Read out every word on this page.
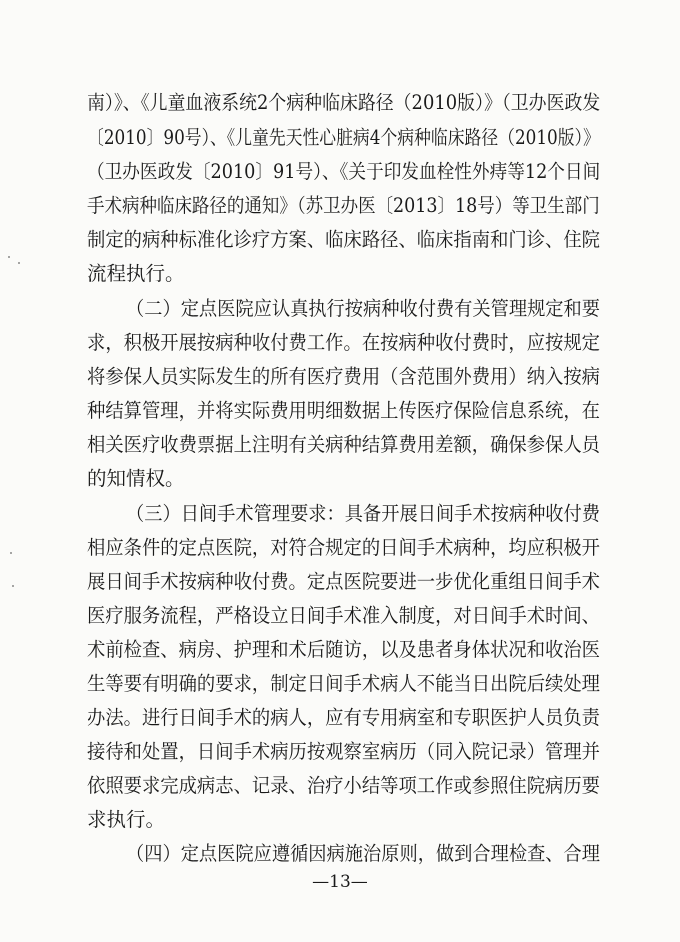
南）》、《儿童血液系统2个病种临床路径（2010版）》（卫办医政发
〔2010〕90号）、《儿童先天性心脏病4个病种临床路径（2010版）》
（卫办医政发〔2010〕91号）、《关于印发血栓性外痔等12个日间
手术病种临床路径的通知》（苏卫办医〔2013〕18号）等卫生部门
制定的病种标准化诊疗方案、临床路径、临床指南和门诊、住院
流程执行。
（二）定点医院应认真执行按病种收付费有关管理规定和要
求，积极开展按病种收付费工作。在按病种收付费时，应按规定
将参保人员实际发生的所有医疗费用（含范围外费用）纳入按病
种结算管理，并将实际费用明细数据上传医疗保险信息系统，在
相关医疗收费票据上注明有关病种结算费用差额，确保参保人员
的知情权。
（三）日间手术管理要求：具备开展日间手术按病种收付费
相应条件的定点医院，对符合规定的日间手术病种，均应积极开
展日间手术按病种收付费。定点医院要进一步优化重组日间手术
医疗服务流程，严格设立日间手术准入制度，对日间手术时间、
术前检查、病房、护理和术后随访，以及患者身体状况和收治医
生等要有明确的要求，制定日间手术病人不能当日出院后续处理
办法。进行日间手术的病人，应有专用病室和专职医护人员负责
接待和处置，日间手术病历按观察室病历（同入院记录）管理并
依照要求完成病志、记录、治疗小结等项工作或参照住院病历要
求执行。
（四）定点医院应遵循因病施治原则，做到合理检查、合理
—13—
